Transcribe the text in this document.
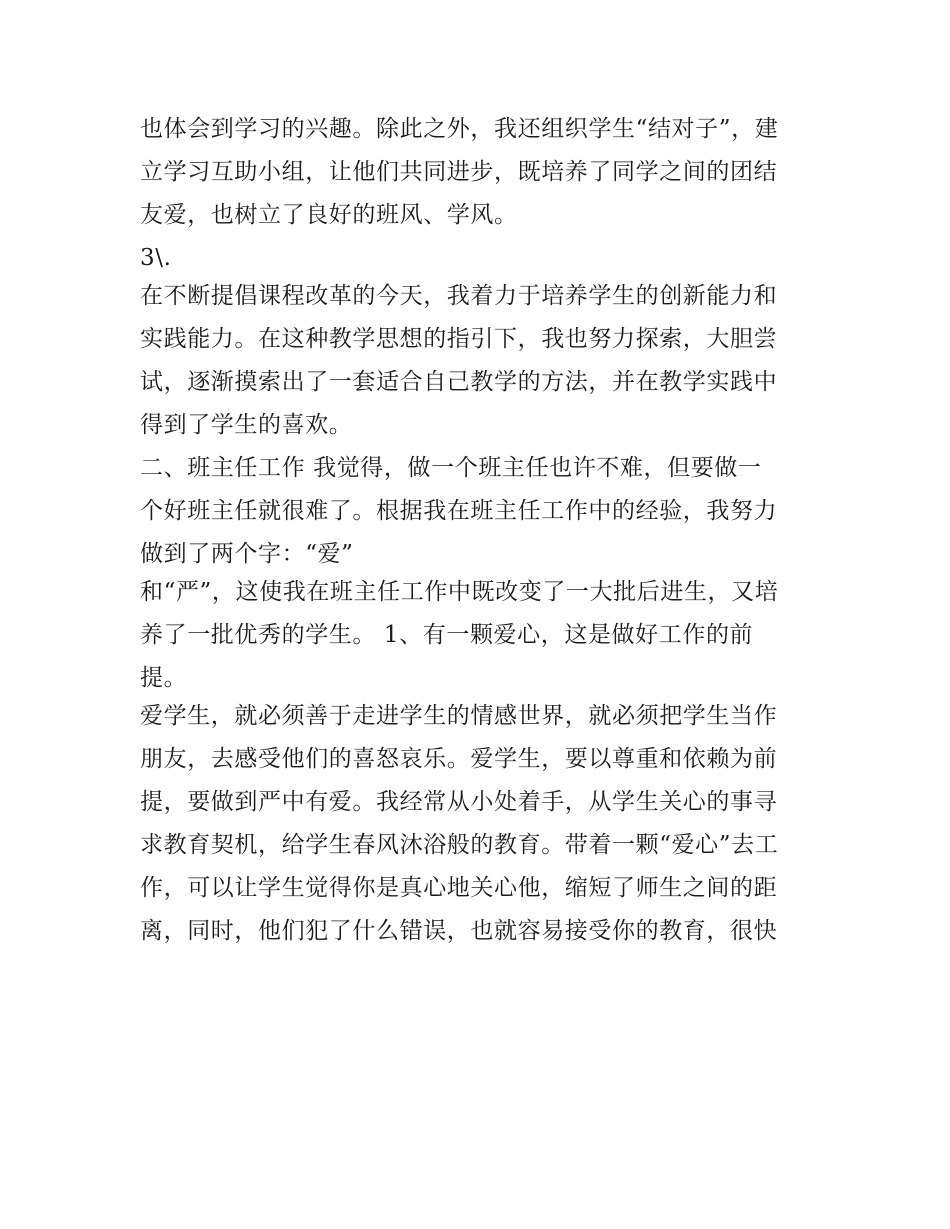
也体会到学习的兴趣。除此之外，我还组织学生“结对子”，建
立学习互助小组，让他们共同进步，既培养了同学之间的团结
友爱，也树立了良好的班风、学风。
3\.
在不断提倡课程改革的今天，我着力于培养学生的创新能力和
实践能力。在这种教学思想的指引下，我也努力探索，大胆尝
试，逐渐摸索出了一套适合自己教学的方法，并在教学实践中
得到了学生的喜欢。
二、班主任工作 我觉得，做一个班主任也许不难，但要做一
个好班主任就很难了。根据我在班主任工作中的经验，我努力
做到了两个字：“爱”
和“严”，这使我在班主任工作中既改变了一大批后进生，又培
养了一批优秀的学生。 1、有一颗爱心，这是做好工作的前
提。
爱学生，就必须善于走进学生的情感世界，就必须把学生当作
朋友，去感受他们的喜怒哀乐。爱学生，要以尊重和依赖为前
提，要做到严中有爱。我经常从小处着手，从学生关心的事寻
求教育契机，给学生春风沐浴般的教育。带着一颗“爱心”去工
作，可以让学生觉得你是真心地关心他，缩短了师生之间的距
离，同时，他们犯了什么错误，也就容易接受你的教育，很快
